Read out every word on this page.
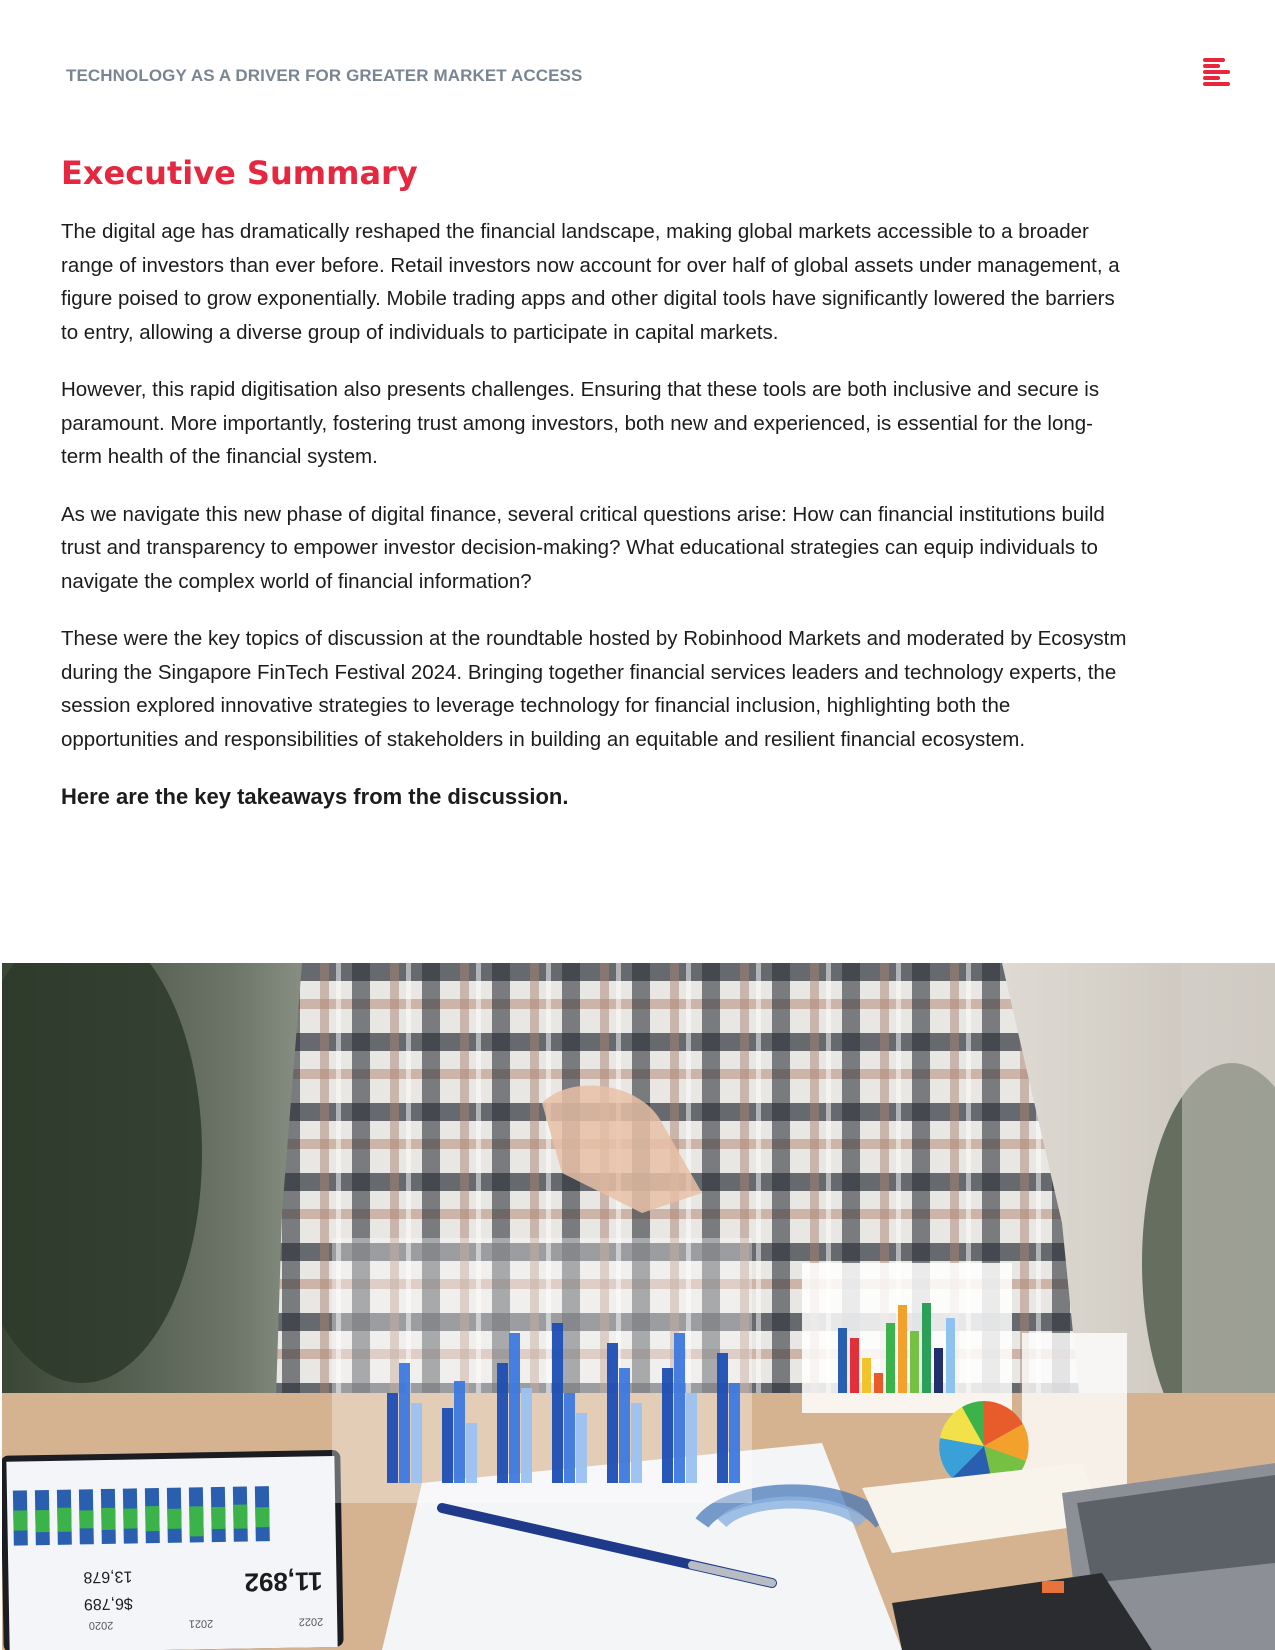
TECHNOLOGY AS A DRIVER FOR GREATER MARKET ACCESS
Executive Summary

The digital age has dramatically reshaped the financial landscape, making global markets accessible to a broader range of investors than ever before. Retail investors now account for over half of global assets under management, a figure poised to grow exponentially. Mobile trading apps and other digital tools have significantly lowered the barriers to entry, allowing a diverse group of individuals to participate in capital markets.

However, this rapid digitisation also presents challenges. Ensuring that these tools are both inclusive and secure is paramount. More importantly, fostering trust among investors, both new and experienced, is essential for the long-term health of the financial system.

As we navigate this new phase of digital finance, several critical questions arise: How can financial institutions build trust and transparency to empower investor decision-making? What educational strategies can equip individuals to navigate the complex world of financial information?

These were the key topics of discussion at the roundtable hosted by Robinhood Markets and moderated by Ecosystm during the Singapore FinTech Festival 2024. Bringing together financial services leaders and technology experts, the session explored innovative strategies to leverage technology for financial inclusion, highlighting both the opportunities and responsibilities of stakeholders in building an equitable and resilient financial ecosystem.

Here are the key takeaways from the discussion.

2022
2021
2020
11,892
13,678
$6,789
